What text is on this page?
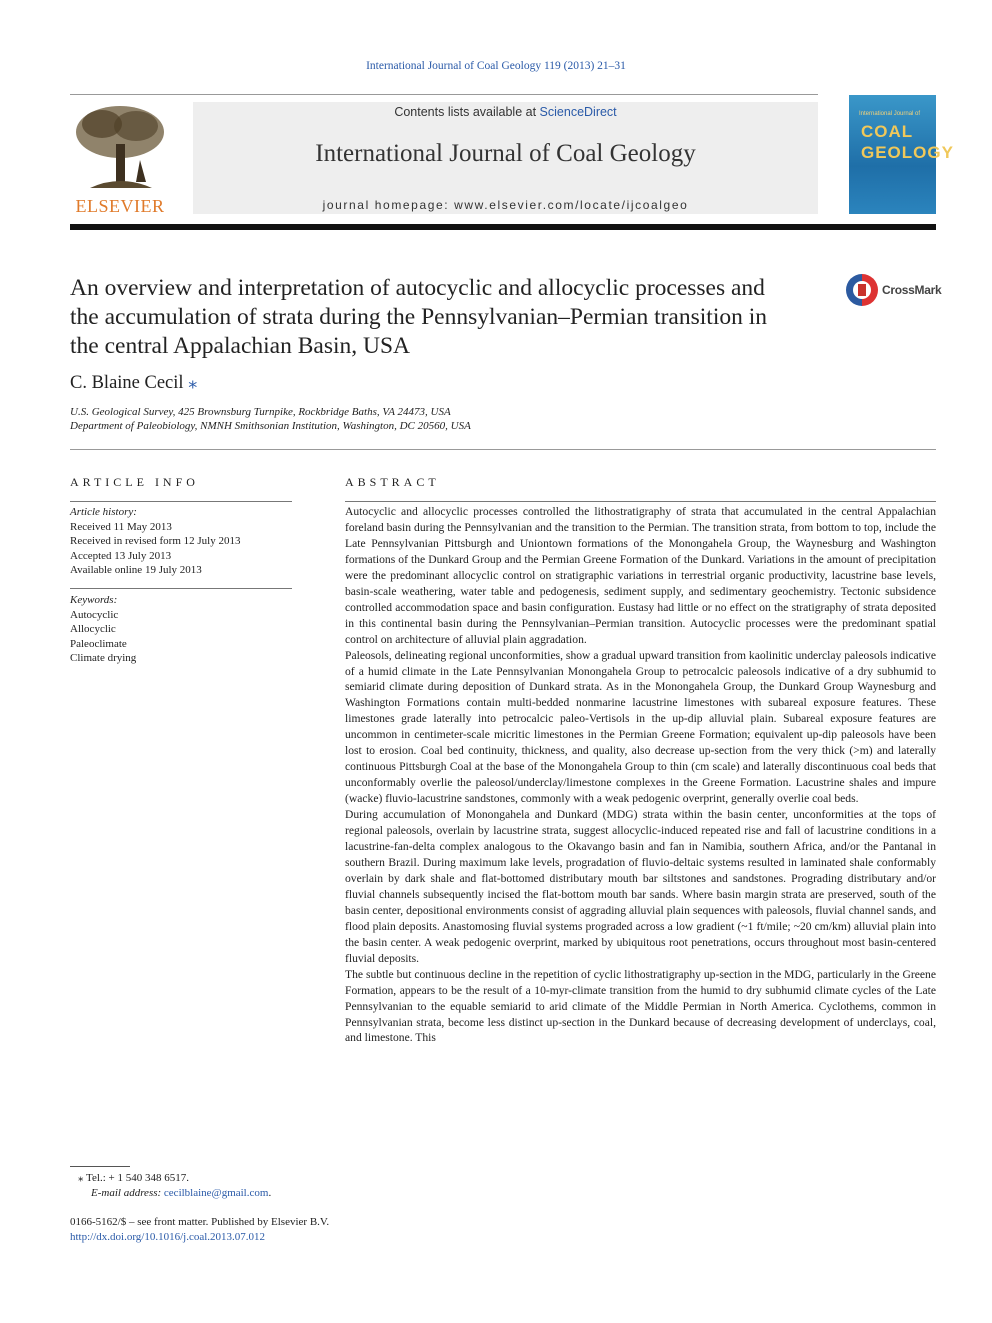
International Journal of Coal Geology 119 (2013) 21–31
ELSEVIER
Contents lists available at ScienceDirect
International Journal of Coal Geology
journal homepage: www.elsevier.com/locate/ijcoalgeo
International Journal of
COAL GEOLOGY
An overview and interpretation of autocyclic and allocyclic processes and the accumulation of strata during the Pennsylvanian–Permian transition in the central Appalachian Basin, USA
CrossMark
C. Blaine Cecil ⁎
U.S. Geological Survey, 425 Brownsburg Turnpike, Rockbridge Baths, VA 24473, USA
Department of Paleobiology, NMNH Smithsonian Institution, Washington, DC 20560, USA
ARTICLE INFO
Article history:
Received 11 May 2013
Received in revised form 12 July 2013
Accepted 13 July 2013
Available online 19 July 2013
Keywords:
Autocyclic
Allocyclic
Paleoclimate
Climate drying
ABSTRACT

Autocyclic and allocyclic processes controlled the lithostratigraphy of strata that accumulated in the central Appalachian foreland basin during the Pennsylvanian and the transition to the Permian. The transition strata, from bottom to top, include the Late Pennsylvanian Pittsburgh and Uniontown formations of the Monongahela Group, the Waynesburg and Washington formations of the Dunkard Group and the Permian Greene Formation of the Dunkard. Variations in the amount of precipitation were the predominant allocyclic control on stratigraphic variations in terrestrial organic productivity, lacustrine base levels, basin-scale weathering, water table and pedogenesis, sediment supply, and sedimentary geochemistry. Tectonic subsidence controlled accommodation space and basin configuration. Eustasy had little or no effect on the stratigraphy of strata deposited in this continental basin during the Pennsylvanian–Permian transition. Autocyclic processes were the predominant spatial control on architecture of alluvial plain aggradation.

Paleosols, delineating regional unconformities, show a gradual upward transition from kaolinitic underclay paleosols indicative of a humid climate in the Late Pennsylvanian Monongahela Group to petrocalcic paleosols indicative of a dry subhumid to semiarid climate during deposition of Dunkard strata. As in the Monongahela Group, the Dunkard Group Waynesburg and Washington Formations contain multi-bedded nonmarine lacustrine limestones with subareal exposure features. These limestones grade laterally into petrocalcic paleo-Vertisols in the up-dip alluvial plain. Subareal exposure features are uncommon in centimeter-scale micritic limestones in the Permian Greene Formation; equivalent up-dip paleosols have been lost to erosion. Coal bed continuity, thickness, and quality, also decrease up-section from the very thick (>m) and laterally continuous Pittsburgh Coal at the base of the Monongahela Group to thin (cm scale) and laterally discontinuous coal beds that unconformably overlie the paleosol/underclay/limestone complexes in the Greene Formation. Lacustrine shales and impure (wacke) fluvio-lacustrine sandstones, commonly with a weak pedogenic overprint, generally overlie coal beds.

During accumulation of Monongahela and Dunkard (MDG) strata within the basin center, unconformities at the tops of regional paleosols, overlain by lacustrine strata, suggest allocyclic-induced repeated rise and fall of lacustrine conditions in a lacustrine-fan-delta complex analogous to the Okavango basin and fan in Namibia, southern Africa, and/or the Pantanal in southern Brazil. During maximum lake levels, progradation of fluvio-deltaic systems resulted in laminated shale conformably overlain by dark shale and flat-bottomed distributary mouth bar siltstones and sandstones. Prograding distributary and/or fluvial channels subsequently incised the flat-bottom mouth bar sands. Where basin margin strata are preserved, south of the basin center, depositional environments consist of aggrading alluvial plain sequences with paleosols, fluvial channel sands, and flood plain deposits. Anastomosing fluvial systems prograded across a low gradient (~1 ft/mile; ~20 cm/km) alluvial plain into the basin center. A weak pedogenic overprint, marked by ubiquitous root penetrations, occurs throughout most basin-centered fluvial deposits.

The subtle but continuous decline in the repetition of cyclic lithostratigraphy up-section in the MDG, particularly in the Greene Formation, appears to be the result of a 10-myr-climate transition from the humid to dry subhumid climate cycles of the Late Pennsylvanian to the equable semiarid to arid climate of the Middle Permian in North America. Cyclothems, common in Pennsylvanian strata, become less distinct up-section in the Dunkard because of decreasing development of underclays, coal, and limestone. This

⁎ Tel.: + 1 540 348 6517.
E-mail address: cecilblaine@gmail.com.
0166-5162/$ – see front matter. Published by Elsevier B.V.
http://dx.doi.org/10.1016/j.coal.2013.07.012
